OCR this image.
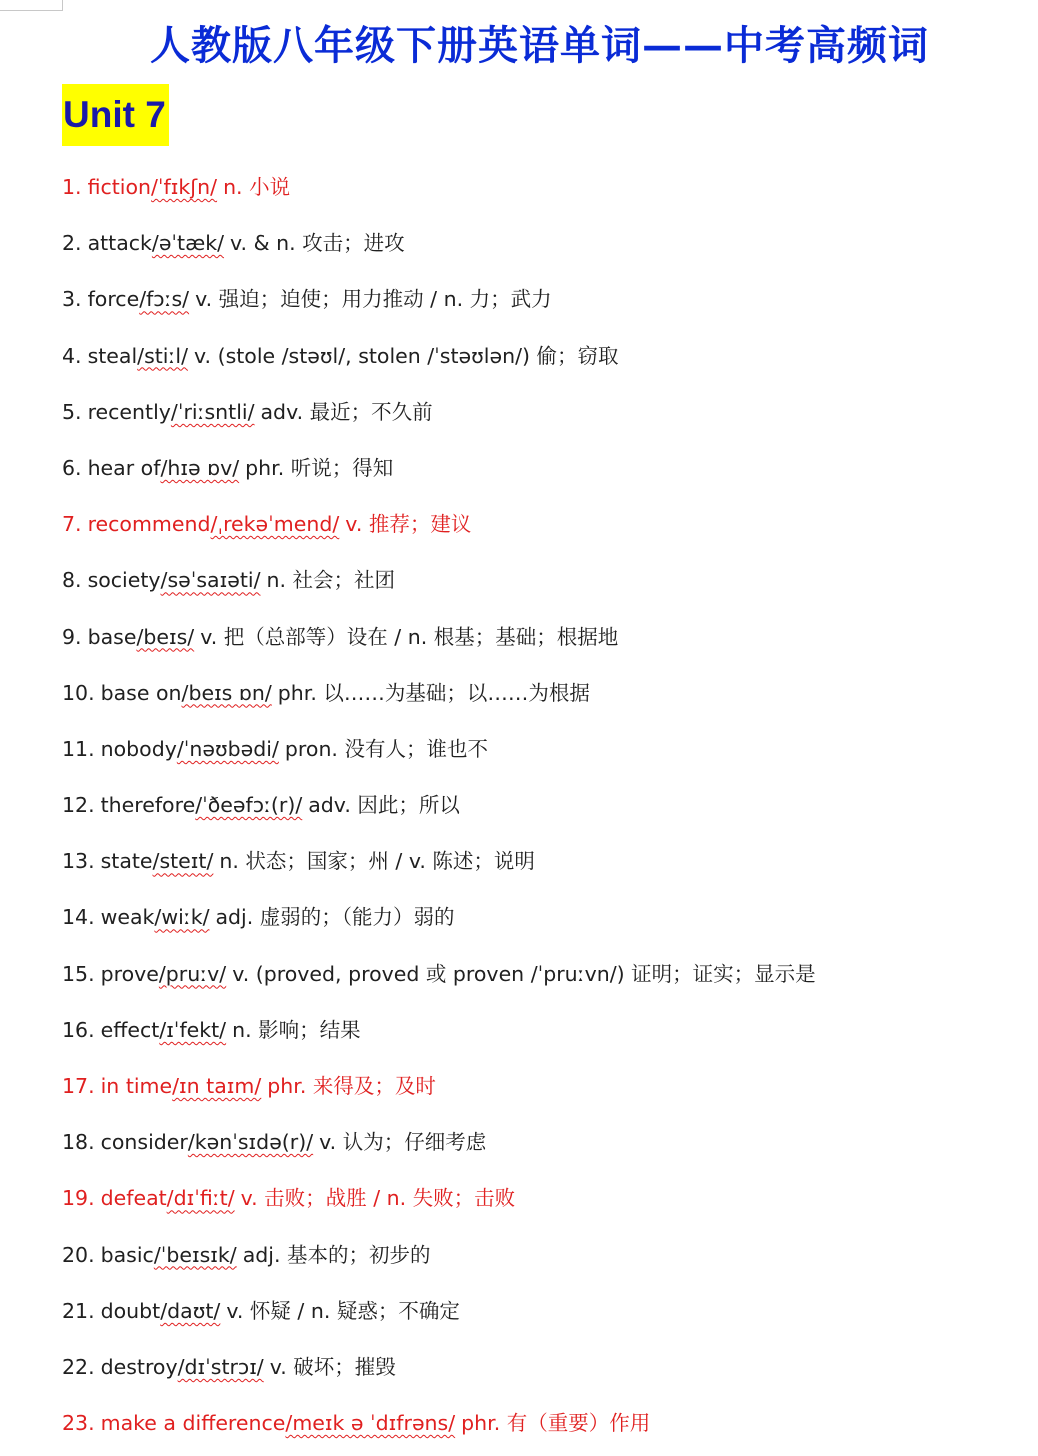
人教版八年级下册英语单词——中考高频词
Unit 7
1. fiction/ˈfɪkʃn/ n. 小说
2. attack/əˈtæk/ v. & n. 攻击；进攻
3. force/fɔːs/ v. 强迫；迫使；用力推动 / n. 力；武力
4. steal/stiːl/ v. (stole /stəʊl/, stolen /ˈstəʊlən/) 偷；窃取
5. recently/ˈriːsntli/ adv. 最近；不久前
6. hear of/hɪə ɒv/ phr. 听说；得知
7. recommend/ˌrekəˈmend/ v. 推荐；建议
8. society/səˈsaɪəti/ n. 社会；社团
9. base/beɪs/ v. 把（总部等）设在 / n. 根基；基础；根据地
10. base on/beɪs ɒn/ phr. 以……为基础；以……为根据
11. nobody/ˈnəʊbədi/ pron. 没有人；谁也不
12. therefore/ˈðeəfɔː(r)/ adv. 因此；所以
13. state/steɪt/ n. 状态；国家；州 / v. 陈述；说明
14. weak/wiːk/ adj. 虚弱的；（能力）弱的
15. prove/pruːv/ v. (proved, proved 或 proven /ˈpruːvn/) 证明；证实；显示是
16. effect/ɪˈfekt/ n. 影响；结果
17. in time/ɪn taɪm/ phr. 来得及；及时
18. consider/kənˈsɪdə(r)/ v. 认为；仔细考虑
19. defeat/dɪˈfiːt/ v. 击败；战胜 / n. 失败；击败
20. basic/ˈbeɪsɪk/ adj. 基本的；初步的
21. doubt/daʊt/ v. 怀疑 / n. 疑惑；不确定
22. destroy/dɪˈstrɔɪ/ v. 破坏；摧毁
23. make a difference/meɪk ə ˈdɪfrəns/ phr. 有（重要）作用
